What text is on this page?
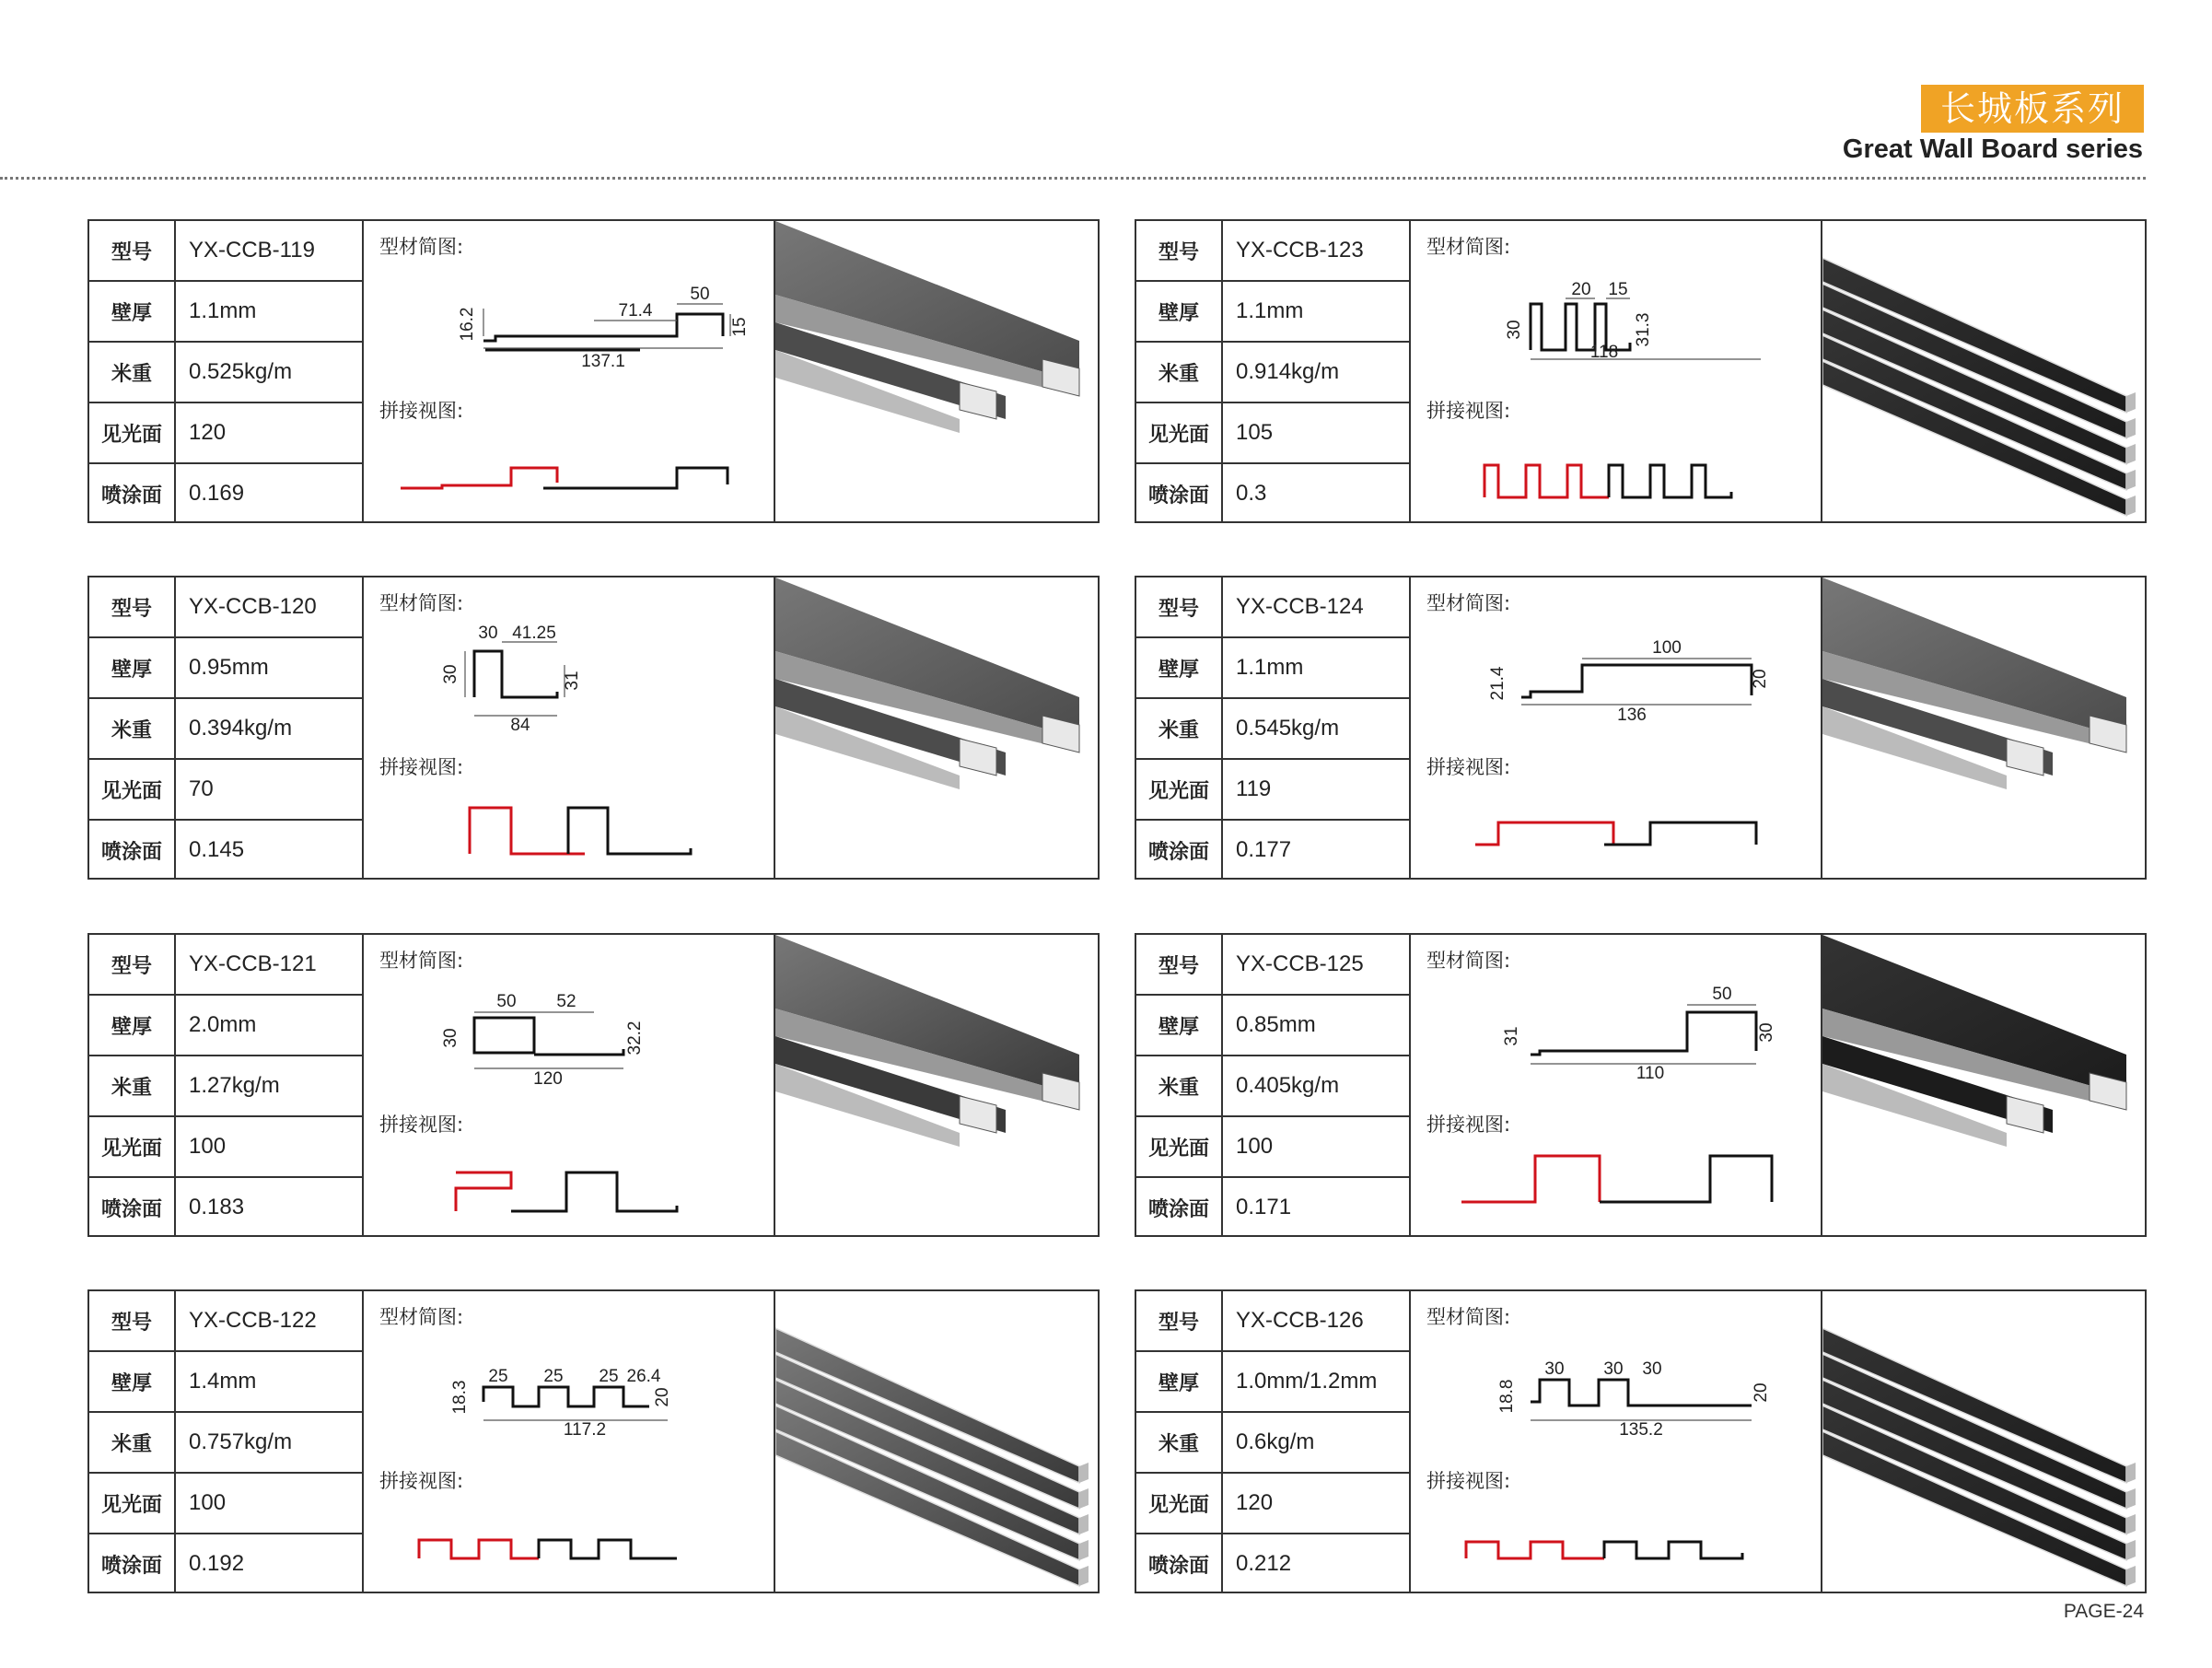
长城板系列
Great Wall Board series
型号	YX-CCB-119
壁厚	1.1mm
米重	0.525kg/m
见光面	120
喷涂面	0.169
型材简图:
拼接视图:
71.4
50
16.2	15
137.1
型号	YX-CCB-123
壁厚	1.1mm
米重	0.914kg/m
见光面	105
喷涂面	0.3
型材简图:
拼接视图:
20 15
30	31.3
118
型号	YX-CCB-120
壁厚	0.95mm
米重	0.394kg/m
见光面	70
喷涂面	0.145
型材简图:
拼接视图:
30 41.25
30	31
84
型号	YX-CCB-124
壁厚	1.1mm
米重	0.545kg/m
见光面	119
喷涂面	0.177
型材简图:
拼接视图:
100
21.4	20
136
型号	YX-CCB-121
壁厚	2.0mm
米重	1.27kg/m
见光面	100
喷涂面	0.183
型材简图:
拼接视图:
50 52
30	32.2
120
型号	YX-CCB-125
壁厚	0.85mm
米重	0.405kg/m
见光面	100
喷涂面	0.171
型材简图:
拼接视图:
50
31	30
110
型号	YX-CCB-122
壁厚	1.4mm
米重	0.757kg/m
见光面	100
喷涂面	0.192
型材简图:
拼接视图:
25 25 25 26.4
18.3	20
117.2
型号	YX-CCB-126
壁厚	1.0mm/1.2mm
米重	0.6kg/m
见光面	120
喷涂面	0.212
型材简图:
拼接视图:
30 30 30
18.8	20
135.2
PAGE-24
